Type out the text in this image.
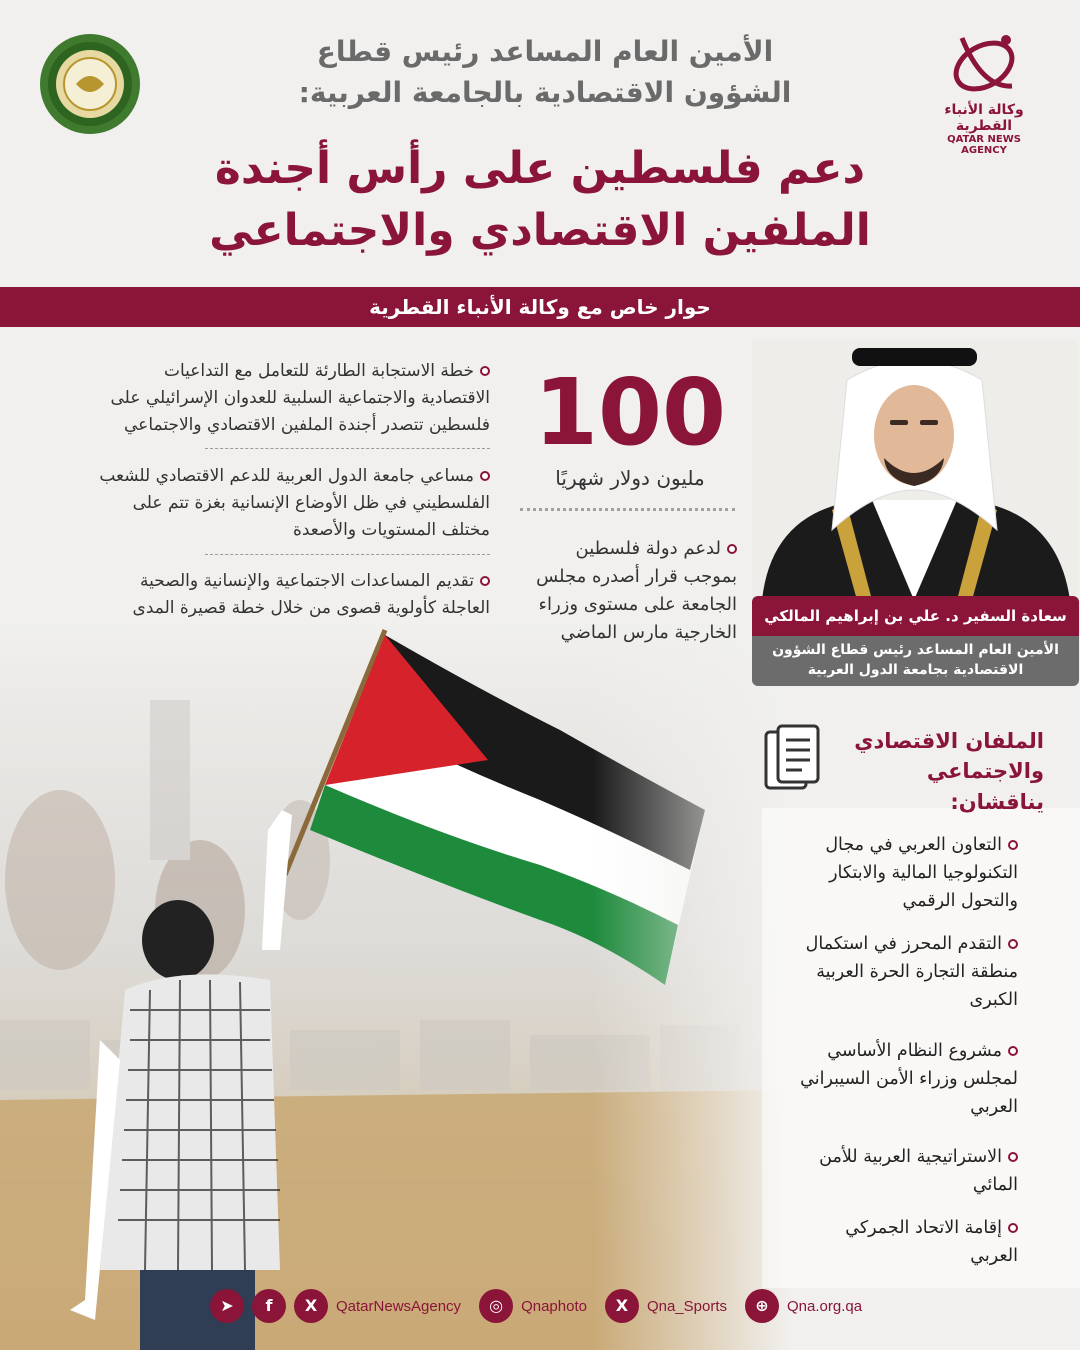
وكالة الأنباء القطرية
QATAR NEWS AGENCY
الأمين العام المساعد رئيس قطاع
الشؤون الاقتصادية بالجامعة العربية:
دعم فلسطين على رأس أجندة
الملفين الاقتصادي والاجتماعي
حوار خاص مع وكالة الأنباء القطرية
خطة الاستجابة الطارئة للتعامل مع التداعيات
الاقتصادية والاجتماعية السلبية للعدوان الإسرائيلي على
فلسطين تتصدر أجندة الملفين الاقتصادي والاجتماعي
مساعي جامعة الدول العربية للدعم الاقتصادي للشعب
الفلسطيني في ظل الأوضاع الإنسانية بغزة تتم على
مختلف المستويات والأصعدة
تقديم المساعدات الاجتماعية والإنسانية والصحية
العاجلة كأولوية قصوى من خلال خطة قصيرة المدى
100
مليون دولار شهريًا
لدعم دولة فلسطين
بموجب قرار أصدره مجلس
الجامعة على مستوى وزراء
الخارجية مارس الماضي
سعادة السفير د. علي بن إبراهيم المالكي
الأمين العام المساعد رئيس قطاع الشؤون
الاقتصادية بجامعة الدول العربية
الملفان الاقتصادي
والاجتماعي يناقشان:
التعاون العربي في مجال
التكنولوجيا المالية والابتكار
والتحول الرقمي
التقدم المحرز في استكمال
منطقة التجارة الحرة العربية
الكبرى
مشروع النظام الأساسي
لمجلس وزراء الأمن السيبراني
العربي
الاستراتيجية العربية للأمن
المائي
إقامة الاتحاد الجمركي
العربي
➤	f	X	QatarNewsAgency	◎	Qnaphoto	X	Qna_Sports	⊕	Qna.org.qa
